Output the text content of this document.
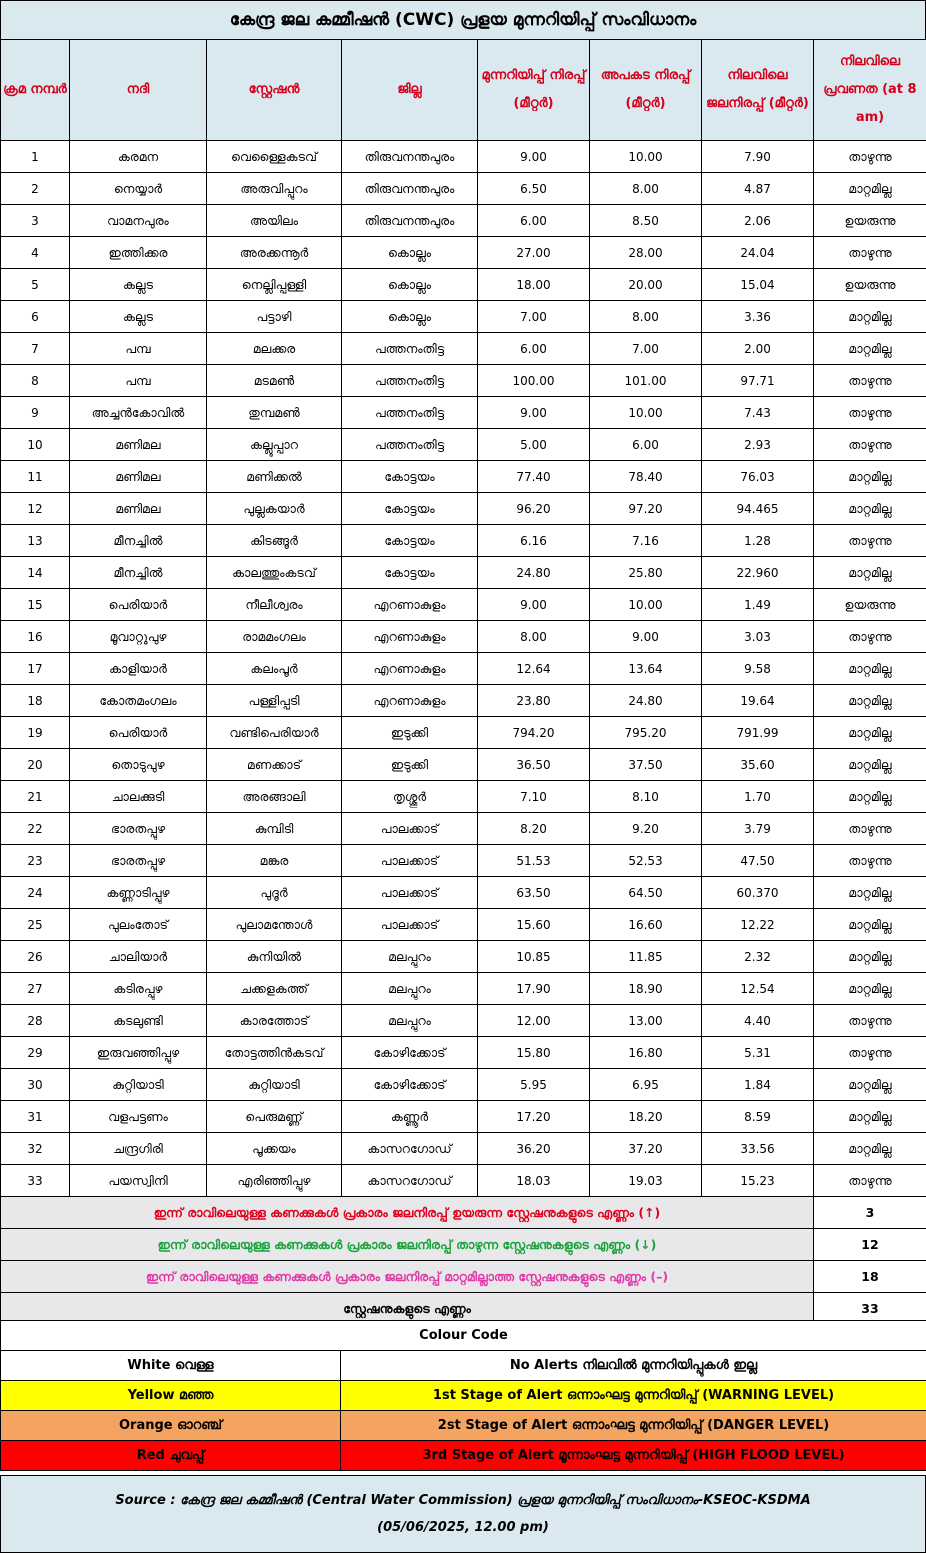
കേന്ദ്ര ജല കമ്മീഷൻ (CWC) പ്രളയ മുന്നറിയിപ്പ് സംവിധാനം
ക്രമ നമ്പർ	നദി	സ്റ്റേഷൻ	ജില്ല	മുന്നറിയിപ്പ് നിരപ്പ് (മീറ്റർ)	അപകട നിരപ്പ് (മീറ്റർ)	നിലവിലെ ജലനിരപ്പ് (മീറ്റർ)	നിലവിലെ പ്രവണത (at 8 am)
1	കരമന	വെള്ളൈകടവ്	തിരുവനന്തപുരം	9.00	10.00	7.90	താഴുന്നു
2	നെയ്യാർ	അരുവിപ്പുറം	തിരുവനന്തപുരം	6.50	8.00	4.87	മാറ്റമില്ല
3	വാമനപുരം	അയിലം	തിരുവനന്തപുരം	6.00	8.50	2.06	ഉയരുന്നു
4	ഇത്തിക്കര	അരക്കന്നൂർ	കൊല്ലം	27.00	28.00	24.04	താഴുന്നു
5	കല്ലട	നെല്ലിപ്പള്ളി	കൊല്ലം	18.00	20.00	15.04	ഉയരുന്നു
6	കല്ലട	പട്ടാഴി	കൊല്ലം	7.00	8.00	3.36	മാറ്റമില്ല
7	പമ്പ	മലക്കര	പത്തനംതിട്ട	6.00	7.00	2.00	മാറ്റമില്ല
8	പമ്പ	മടമൺ	പത്തനംതിട്ട	100.00	101.00	97.71	താഴുന്നു
9	അച്ചൻകോവിൽ	തുമ്പമൺ	പത്തനംതിട്ട	9.00	10.00	7.43	താഴുന്നു
10	മണിമല	കല്ലൂപ്പാറ	പത്തനംതിട്ട	5.00	6.00	2.93	താഴുന്നു
11	മണിമല	മണിക്കൽ	കോട്ടയം	77.40	78.40	76.03	മാറ്റമില്ല
12	മണിമല	പുല്ലകയാർ	കോട്ടയം	96.20	97.20	94.465	മാറ്റമില്ല
13	മീനച്ചിൽ	കിടങ്ങൂർ	കോട്ടയം	6.16	7.16	1.28	താഴുന്നു
14	മീനച്ചിൽ	കാലത്തുംകടവ്	കോട്ടയം	24.80	25.80	22.960	മാറ്റമില്ല
15	പെരിയാർ	നീലീശ്വരം	എറണാകുളം	9.00	10.00	1.49	ഉയരുന്നു
16	മൂവാറ്റുപുഴ	രാമമംഗലം	എറണാകുളം	8.00	9.00	3.03	താഴുന്നു
17	കാളിയാർ	കലംപൂർ	എറണാകുളം	12.64	13.64	9.58	മാറ്റമില്ല
18	കോതമംഗലം	പള്ളിപ്പടി	എറണാകുളം	23.80	24.80	19.64	മാറ്റമില്ല
19	പെരിയാർ	വണ്ടിപെരിയാർ	ഇടുക്കി	794.20	795.20	791.99	മാറ്റമില്ല
20	തൊടുപുഴ	മണക്കാട്	ഇടുക്കി	36.50	37.50	35.60	മാറ്റമില്ല
21	ചാലക്കുടി	അരങ്ങാലി	തൃശ്ശൂർ	7.10	8.10	1.70	മാറ്റമില്ല
22	ഭാരതപ്പുഴ	കുമ്പിടി	പാലക്കാട്	8.20	9.20	3.79	താഴുന്നു
23	ഭാരതപ്പുഴ	മങ്കര	പാലക്കാട്	51.53	52.53	47.50	താഴുന്നു
24	കണ്ണാടിപ്പുഴ	പുദൂർ	പാലക്കാട്	63.50	64.50	60.370	മാറ്റമില്ല
25	പുലംതോട്	പുലാമന്തോൾ	പാലക്കാട്	15.60	16.60	12.22	മാറ്റമില്ല
26	ചാലിയാർ	കുനിയിൽ	മലപ്പുറം	10.85	11.85	2.32	മാറ്റമില്ല
27	കടിരപ്പുഴ	ചക്കളകത്ത്	മലപ്പുറം	17.90	18.90	12.54	മാറ്റമില്ല
28	കടലുണ്ടി	കാരത്തോട്	മലപ്പുറം	12.00	13.00	4.40	താഴുന്നു
29	ഇരുവഞ്ഞിപ്പുഴ	തോട്ടത്തിൻകടവ്	കോഴിക്കോട്	15.80	16.80	5.31	താഴുന്നു
30	കുറ്റിയാടി	കുറ്റിയാടി	കോഴിക്കോട്	5.95	6.95	1.84	മാറ്റമില്ല
31	വളപട്ടണം	പെരുമണ്ണ്	കണ്ണൂർ	17.20	18.20	8.59	മാറ്റമില്ല
32	ചന്ദ്രഗിരി	പൂക്കയം	കാസറഗോഡ്	36.20	37.20	33.56	മാറ്റമില്ല
33	പയസ്വിനി	എരിഞ്ഞിപ്പുഴ	കാസറഗോഡ്	18.03	19.03	15.23	താഴുന്നു
ഇന്ന് രാവിലെയുള്ള കണക്കുകൾ പ്രകാരം ജലനിരപ്പ് ഉയരുന്ന സ്റ്റേഷനുകളുടെ എണ്ണം (↑)							3
ഇന്ന് രാവിലെയുള്ള കണക്കുകൾ പ്രകാരം ജലനിരപ്പ് താഴുന്ന സ്റ്റേഷനുകളുടെ എണ്ണം (↓)							12
ഇന്ന് രാവിലെയുള്ള കണക്കുകൾ പ്രകാരം ജലനിരപ്പ് മാറ്റമില്ലാത്ത സ്റ്റേഷനുകളുടെ എണ്ണം (–)							18
സ്റ്റേഷനുകളുടെ എണ്ണം							33
Colour Code	
White വെള്ള	No Alerts നിലവിൽ മുന്നറിയിപ്പുകൾ ഇല്ല
Yellow മഞ്ഞ	1st Stage of Alert ഒന്നാംഘട്ട മുന്നറിയിപ്പ് (WARNING LEVEL)
Orange ഓറഞ്ച്	2st Stage of Alert ഒന്നാംഘട്ട മുന്നറിയിപ്പ് (DANGER LEVEL)
Red ചുവപ്പ്	3rd Stage of Alert മൂന്നാംഘട്ട മുന്നറിയിപ്പ് (HIGH FLOOD LEVEL)
Source : കേന്ദ്ര ജല കമ്മീഷൻ (Central Water Commission) പ്രളയ മുന്നറിയിപ്പ് സംവിധാനം-KSEOC-KSDMA
(05/06/2025, 12.00 pm)
